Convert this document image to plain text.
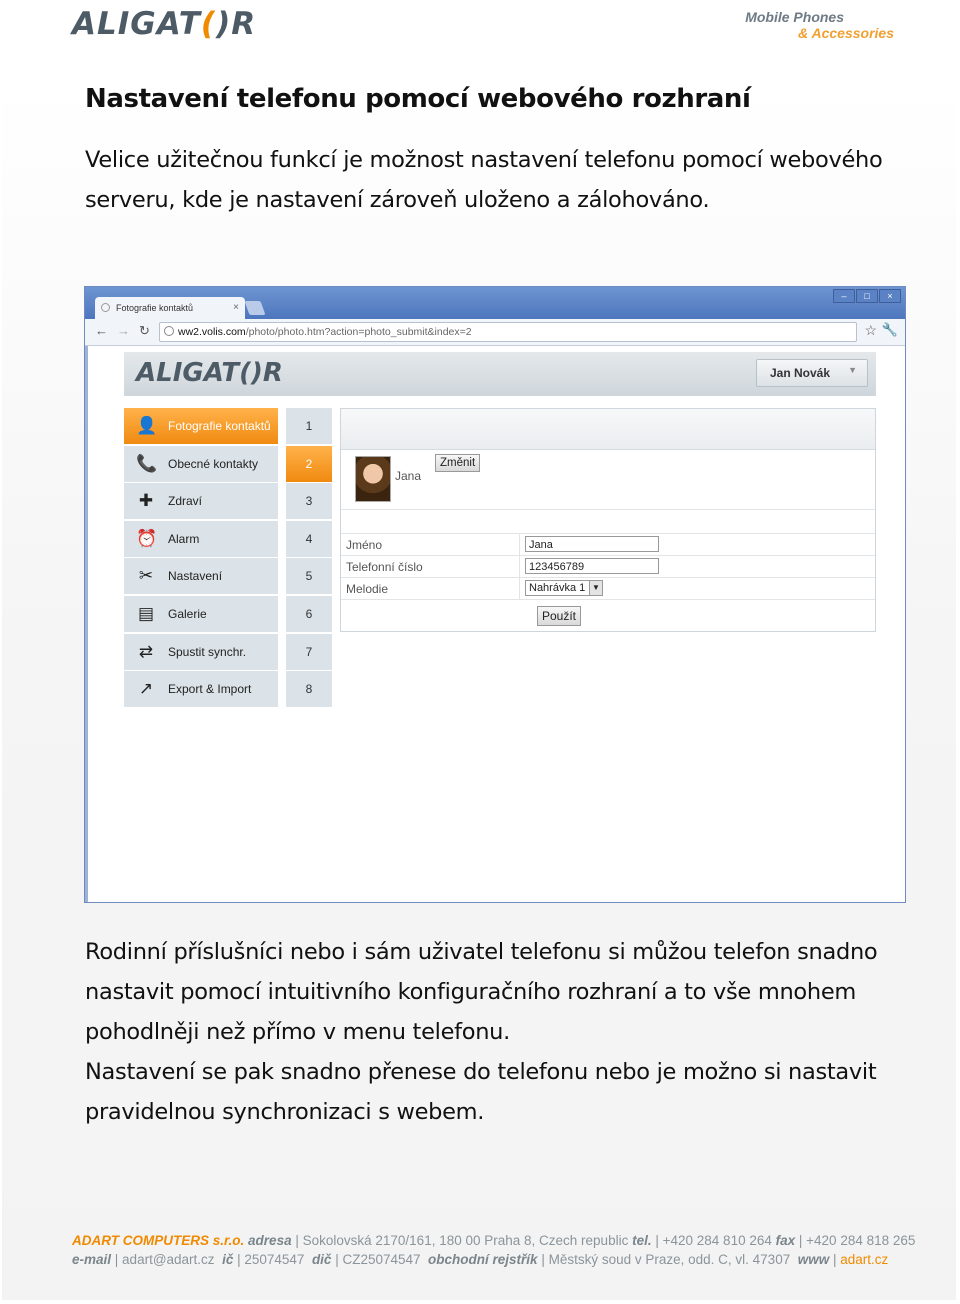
ALIGAT()R	Mobile Phones
& Accessories
Nastavení telefonu pomocí webového rozhraní
Velice užitečnou funkcí je možnost nastavení telefonu pomocí webového serveru, kde je nastavení zároveň uloženo a zálohováno.
Fotografie kontaktů	×
–	□	×
← → ↻	ww2.volis.com/photo/photo.htm?action=photo_submit&index=2	☆ 🔧
ALIGAT()R	Jan Novák ▼
👤 Fotografie kontaktů
📞 Obecné kontakty
✚ Zdraví
⏰ Alarm
✂ Nastavení
▤ Galerie
⇄ Spustit synchr.
↗ Export & Import
1
2
3
4
5
6
7
8
Jana
Změnit
Jméno	Jana
Telefonní číslo	123456789
Melodie	Nahrávka 1 ▼
Použít
Rodinní příslušníci nebo i sám uživatel telefonu si můžou telefon snadno nastavit pomocí intuitivního konfiguračního rozhraní a to vše mnohem pohodlněji než přímo v menu telefonu.
Nastavení se pak snadno přenese do telefonu nebo je možno si nastavit pravidelnou synchronizaci s webem.
ADART COMPUTERS s.r.o. adresa | Sokolovská 2170/161, 180 00 Praha 8, Czech republic tel. | +420 284 810 264 fax | +420 284 818 265
e-mail | adart@adart.cz ič | 25074547 dič | CZ25074547 obchodní rejstřík | Městský soud v Praze, odd. C, vl. 47307 www | adart.cz
